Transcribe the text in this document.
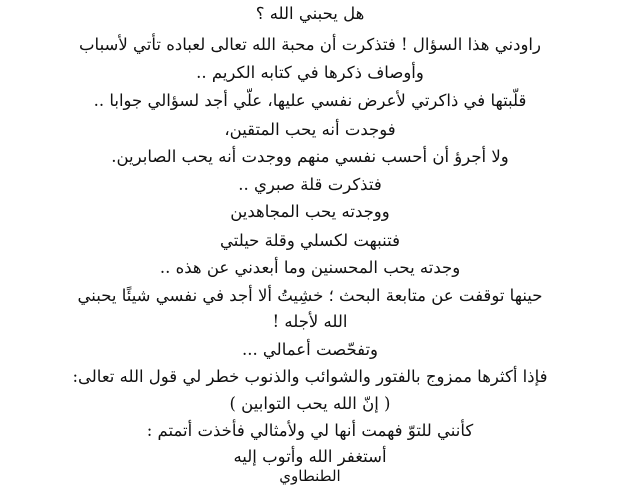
هل يحبني الله ؟
راودني هذا السؤال ! فتذكرت أن محبة الله تعالى لعباده تأتي لأسباب
وأوصاف ذكرها في كتابه الكريم ..
قلّبتها في ذاكرتي لأعرض نفسي عليها، علّي أجد لسؤالي جوابا ..
فوجدت أنه يحب المتقين،
ولا أجرؤ أن أحسب نفسي منهم ووجدت أنه يحب الصابرين.
فتذكرت قلة صبري ..
ووجدته يحب المجاهدين
فتنبهت لكسلي وقلة حيلتي
وجدته يحب المحسنين وما أبعدني عن هذه ..
حينها توقفت عن متابعة البحث ؛ خشِيتُ ألا أجد في نفسي شيئًا يحبني
الله لأجله !
وتفحّصت أعمالي ...
فإذا أكثرها ممزوج بالفتور والشوائب والذنوب خطر لي قول الله تعالى:
( إنّ الله يحب التوابين )
كأنني للتوّ فهمت أنها لي ولأمثالي فأخذت أتمتم :
أستغفر الله وأتوب إليه
الطنطاوي
